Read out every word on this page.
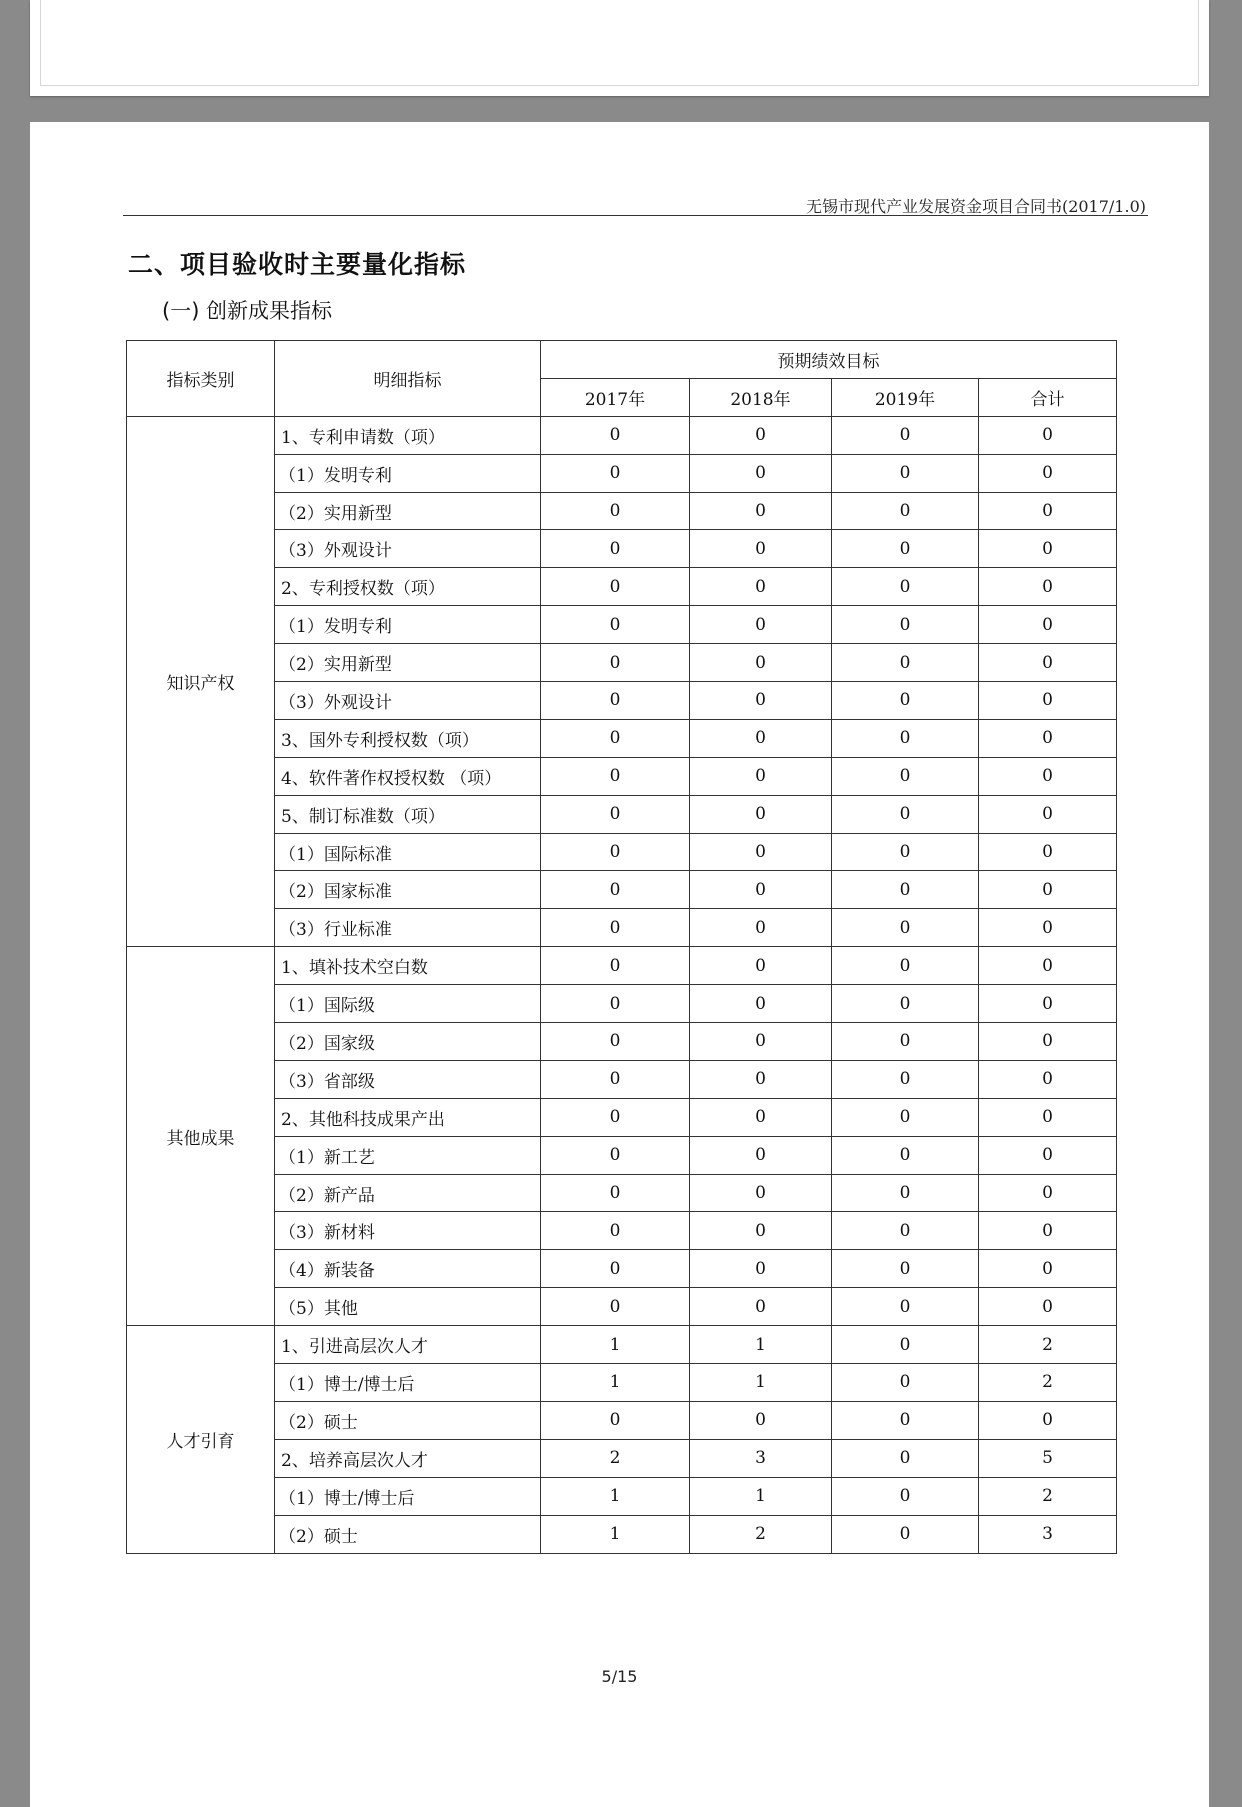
无锡市现代产业发展资金项目合同书(2017/1.0)
二、项目验收时主要量化指标
(一) 创新成果指标
指标类别	明细指标	预期绩效目标			
		2017年	2018年	2019年	合计
知识产权	1、专利申请数（项）	0	0	0	0
	（1）发明专利	0	0	0	0
	（2）实用新型	0	0	0	0
	（3）外观设计	0	0	0	0
	2、专利授权数（项）	0	0	0	0
	（1）发明专利	0	0	0	0
	（2）实用新型	0	0	0	0
	（3）外观设计	0	0	0	0
	3、国外专利授权数（项）	0	0	0	0
	4、软件著作权授权数 （项）	0	0	0	0
	5、制订标准数（项）	0	0	0	0
	（1）国际标准	0	0	0	0
	（2）国家标准	0	0	0	0
	（3）行业标准	0	0	0	0
其他成果	1、填补技术空白数	0	0	0	0
	（1）国际级	0	0	0	0
	（2）国家级	0	0	0	0
	（3）省部级	0	0	0	0
	2、其他科技成果产出	0	0	0	0
	（1）新工艺	0	0	0	0
	（2）新产品	0	0	0	0
	（3）新材料	0	0	0	0
	（4）新装备	0	0	0	0
	（5）其他	0	0	0	0
人才引育	1、引进高层次人才	1	1	0	2
	（1）博士/博士后	1	1	0	2
	（2）硕士	0	0	0	0
	2、培养高层次人才	2	3	0	5
	（1）博士/博士后	1	1	0	2
	（2）硕士	1	2	0	3
5/15
